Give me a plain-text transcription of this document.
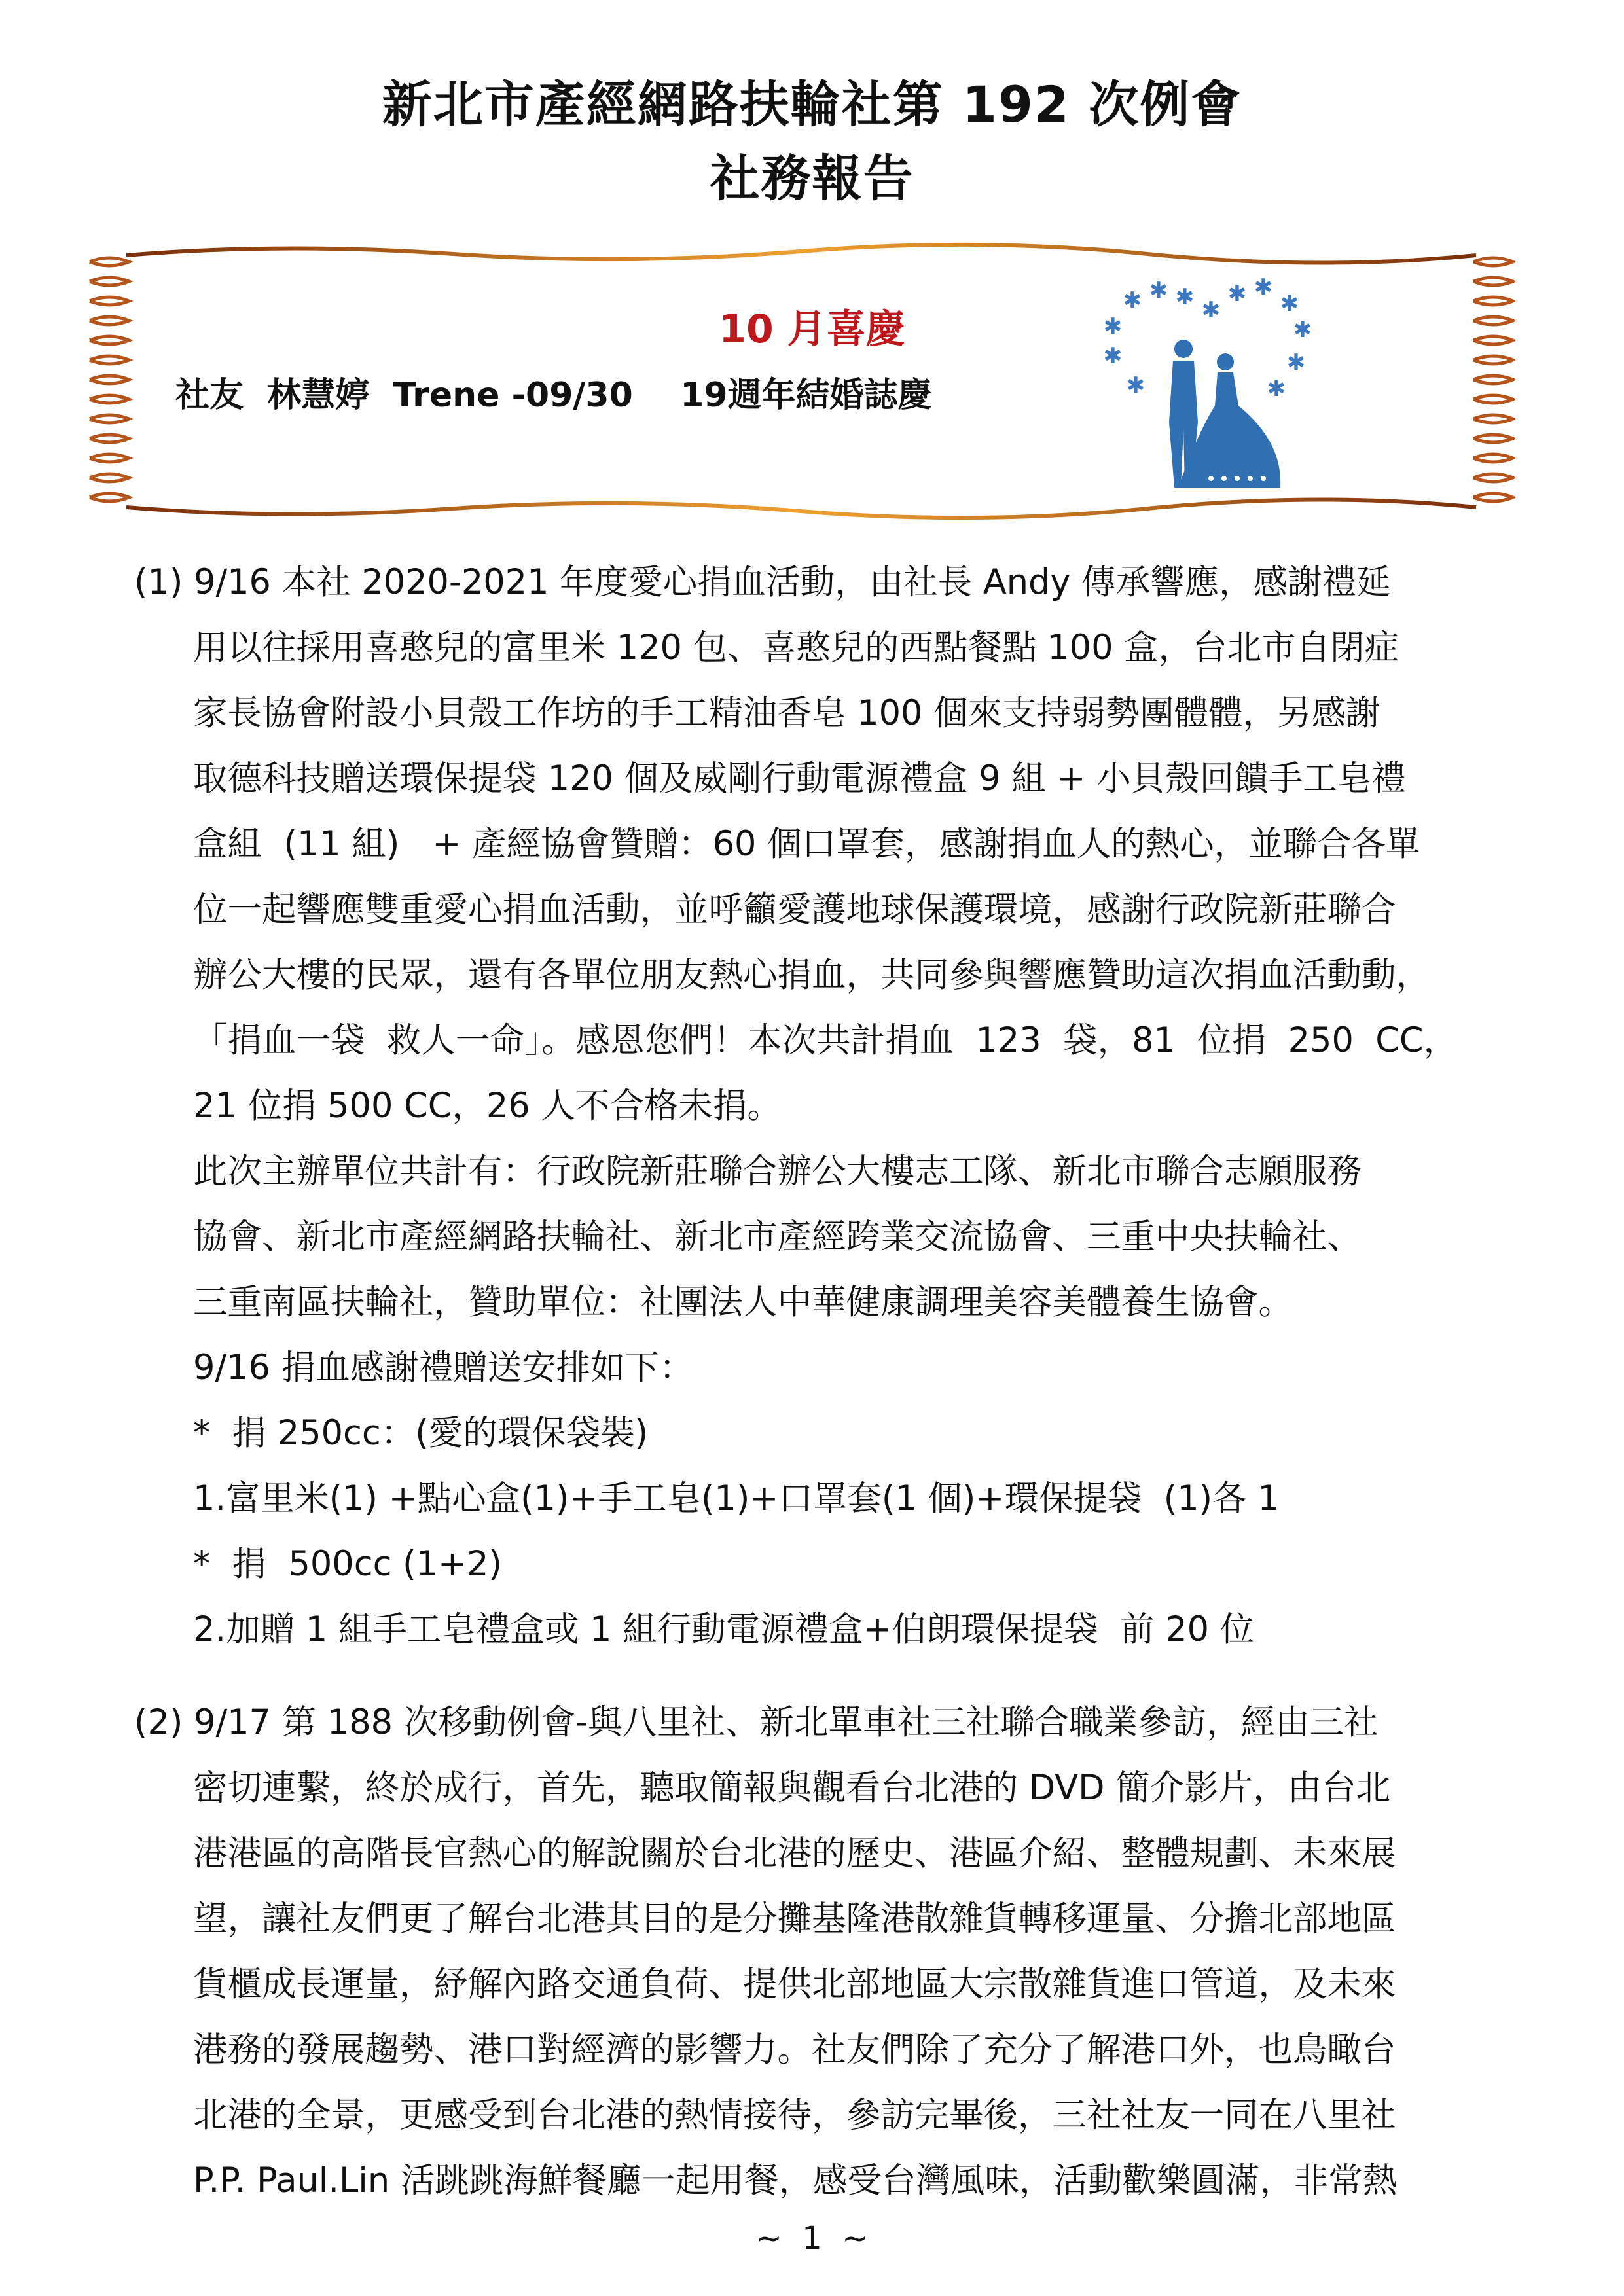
新北市產經網路扶輪社第 192 次例會
社務報告
10 月喜慶
社友  林慧婷  Trene -09/30    19週年結婚誌慶
✱ ✱ ✱ ✱
✱ ✱
✱
✱	✱
✱	✱
✱	✱
(1) 9/16 本社 2020-2021 年度愛心捐血活動，由社長 Andy 傳承響應，感謝禮延
用以往採用喜憨兒的富里米 120 包、喜憨兒的西點餐點 100 盒，台北市自閉症
家長協會附設小貝殼工作坊的手工精油香皂 100 個來支持弱勢團體體，另感謝
取德科技贈送環保提袋 120 個及威剛行動電源禮盒 9 組 + 小貝殼回饋手工皂禮
盒組  (11 組)   + 產經協會贊贈：60 個口罩套，感謝捐血人的熱心，並聯合各單
位一起響應雙重愛心捐血活動，並呼籲愛護地球保護環境，感謝行政院新莊聯合
辦公大樓的民眾，還有各單位朋友熱心捐血，共同參與響應贊助這次捐血活動動，
「捐血一袋  救人一命」。感恩您們！本次共計捐血  123  袋，81  位捐  250  CC，
21 位捐 500 CC，26 人不合格未捐。
此次主辦單位共計有：行政院新莊聯合辦公大樓志工隊、新北市聯合志願服務
協會、新北市產經網路扶輪社、新北市產經跨業交流協會、三重中央扶輪社、
三重南區扶輪社，贊助單位：社團法人中華健康調理美容美體養生協會。
9/16 捐血感謝禮贈送安排如下：
*  捐 250cc：(愛的環保袋裝)
1.富里米(1) +點心盒(1)+手工皂(1)+口罩套(1 個)+環保提袋  (1)各 1
*  捐  500cc (1+2)
2.加贈 1 組手工皂禮盒或 1 組行動電源禮盒+伯朗環保提袋  前 20 位
(2) 9/17 第 188 次移動例會-與八里社、新北單車社三社聯合職業參訪，經由三社
密切連繫，終於成行，首先，聽取簡報與觀看台北港的 DVD 簡介影片，由台北
港港區的高階長官熱心的解說關於台北港的歷史、港區介紹、整體規劃、未來展
望，讓社友們更了解台北港其目的是分攤基隆港散雜貨轉移運量、分擔北部地區
貨櫃成長運量，紓解內路交通負荷、提供北部地區大宗散雜貨進口管道，及未來
港務的發展趨勢、港口對經濟的影響力。社友們除了充分了解港口外，也鳥瞰台
北港的全景，更感受到台北港的熱情接待，參訪完畢後，三社社友一同在八里社
P.P. Paul.Lin 活跳跳海鮮餐廳一起用餐，感受台灣風味，活動歡樂圓滿，非常熱
~  1  ~
